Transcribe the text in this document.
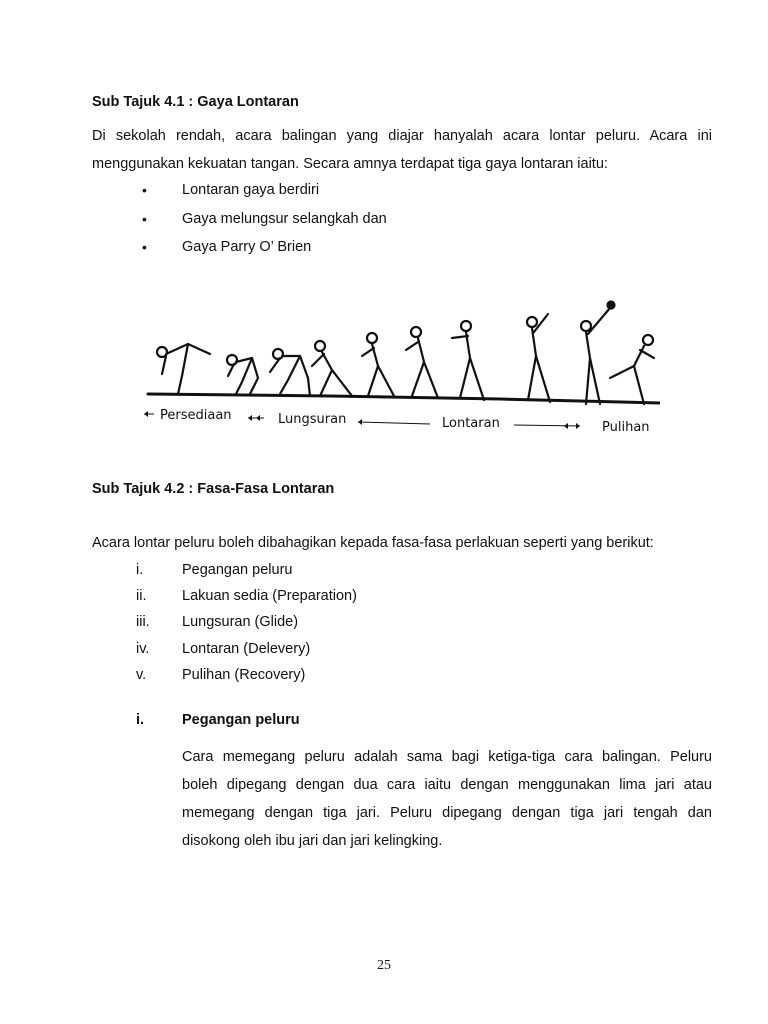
Sub Tajuk 4.1 : Gaya Lontaran
Di sekolah rendah, acara balingan yang diajar hanyalah acara lontar peluru. Acara ini
menggunakan kekuatan tangan. Secara amnya terdapat tiga gaya lontaran iaitu:
• Lontaran gaya berdiri
• Gaya melungsur selangkah dan
• Gaya Parry O’ Brien
Persediaan	Lungsuran	Lontaran	Pulihan
Sub Tajuk 4.2 : Fasa-Fasa Lontaran
Acara lontar peluru boleh dibahagikan kepada fasa-fasa perlakuan seperti yang berikut:
i.	Pegangan peluru
ii. Lakuan sedia (Preparation)
iii. Lungsuran (Glide)
iv. Lontaran (Delevery)
v. Pulihan (Recovery)
i.	Pegangan peluru
Cara memegang peluru adalah sama bagi ketiga-tiga cara balingan. Peluru
boleh dipegang dengan dua cara iaitu dengan menggunakan lima jari atau
memegang dengan tiga jari. Peluru dipegang dengan tiga jari tengah dan
disokong oleh ibu jari dan jari kelingking.
25
